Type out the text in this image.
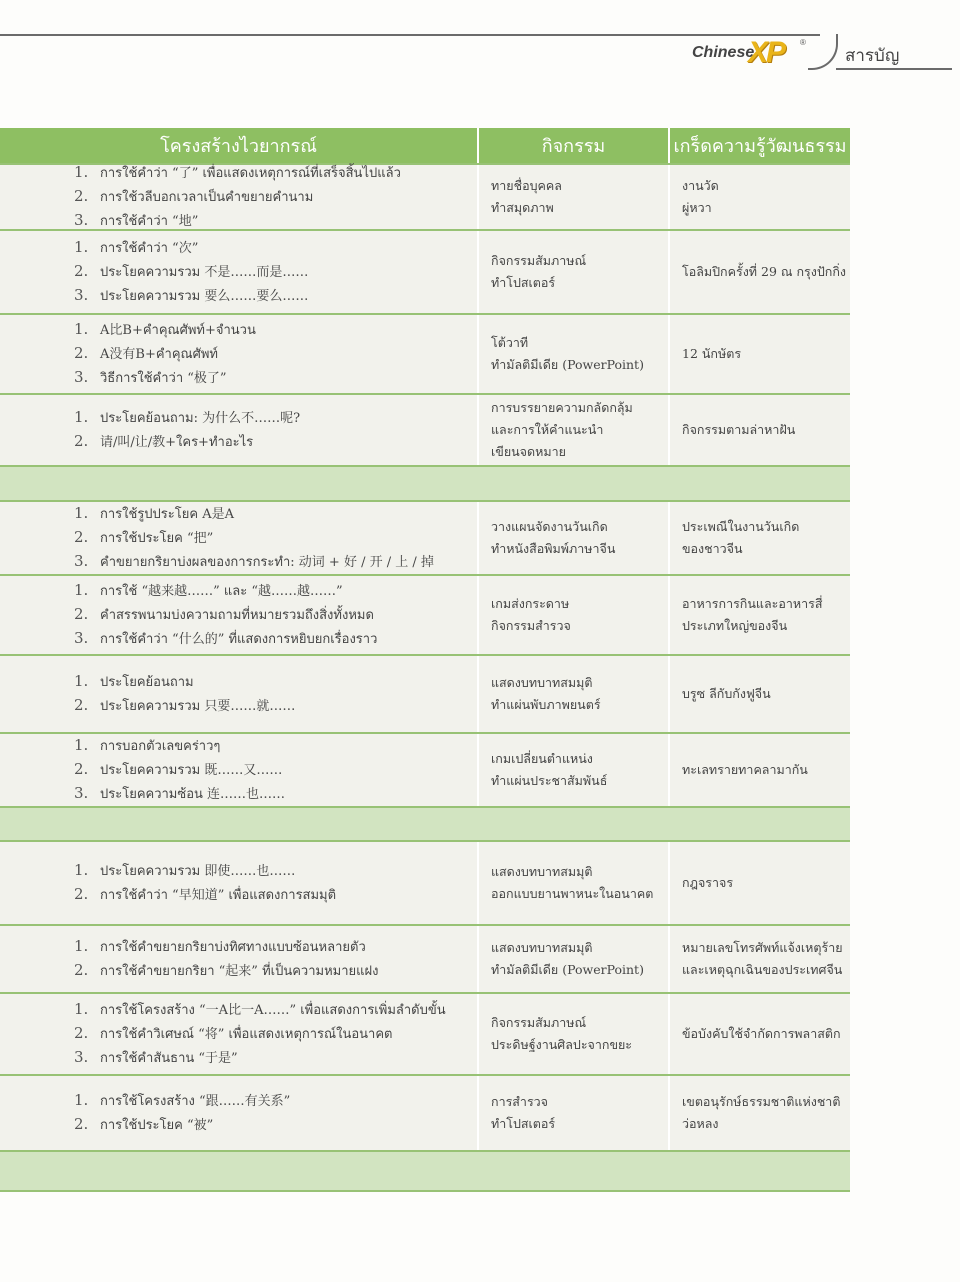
Chinese
XP ®
สารบัญ
โครงสร้างไวยากรณ์	กิจกรรม	เกร็ดความรู้วัฒนธรรม
1. การใช้คำว่า “了” เพื่อแสดงเหตุการณ์ที่เสร็จสิ้นไปแล้ว
2. การใช้วลีบอกเวลาเป็นคำขยายคำนาม
3. การใช้คำว่า “地”
ทายชื่อบุคคล
ทำสมุดภาพ
งานวัด
ผู่หวา
1. การใช้คำว่า “次”
2. ประโยคความรวม 不是……而是……
3. ประโยคความรวม 要么……要么……
กิจกรรมสัมภาษณ์
ทำโปสเตอร์
โอลิมปิกครั้งที่ 29 ณ กรุงปักกิ่ง
1. A比B+คำคุณศัพท์+จำนวน
2. A没有B+คำคุณศัพท์
3. วิธีการใช้คำว่า “极了”
โต้วาที
ทำมัลติมีเดีย (PowerPoint)
12 นักษัตร
1. ประโยคย้อนถาม: 为什么不……呢?
2. 请/叫/让/教+ใคร+ทำอะไร
การบรรยายความกลัดกลุ้ม
และการให้คำแนะนำ
เขียนจดหมาย
กิจกรรมตามล่าหาฝัน
1. การใช้รูปประโยค A是A
2. การใช้ประโยค “把”
3. คำขยายกริยาบ่งผลของการกระทำ: 动词 + 好 / 开 / 上 / 掉
วางแผนจัดงานวันเกิด
ทำหนังสือพิมพ์ภาษาจีน
ประเพณีในงานวันเกิด
ของชาวจีน
1. การใช้ “越来越……” และ “越……越……”
2. คำสรรพนามบ่งความถามที่หมายรวมถึงสิ่งทั้งหมด
3. การใช้คำว่า “什么的” ที่แสดงการหยิบยกเรื่องราว
เกมส่งกระดาษ
กิจกรรมสำรวจ
อาหารการกินและอาหารสี่
ประเภทใหญ่ของจีน
1. ประโยคย้อนถาม
2. ประโยคความรวม 只要……就……
แสดงบทบาทสมมุติ
ทำแผ่นพับภาพยนตร์
บรูซ ลีกับกังฟูจีน
1. การบอกตัวเลขคร่าวๆ
2. ประโยคความรวม 既……又……
3. ประโยคความซ้อน 连……也……
เกมเปลี่ยนตำแหน่ง
ทำแผ่นประชาสัมพันธ์
ทะเลทรายทาคลามากัน
1. ประโยคความรวม 即使……也……
2. การใช้คำว่า “早知道” เพื่อแสดงการสมมุติ
แสดงบทบาทสมมุติ
ออกแบบยานพาหนะในอนาคต
กฎจราจร
1. การใช้คำขยายกริยาบ่งทิศทางแบบซ้อนหลายตัว
2. การใช้คำขยายกริยา “起来” ที่เป็นความหมายแฝง
แสดงบทบาทสมมุติ
ทำมัลติมีเดีย (PowerPoint)
หมายเลขโทรศัพท์แจ้งเหตุร้าย
และเหตุฉุกเฉินของประเทศจีน
1. การใช้โครงสร้าง “一A比一A……” เพื่อแสดงการเพิ่มลำดับขั้น
2. การใช้คำวิเศษณ์ “将” เพื่อแสดงเหตุการณ์ในอนาคต
3. การใช้คำสันธาน “于是”
กิจกรรมสัมภาษณ์
ประดิษฐ์งานศิลปะจากขยะ
ข้อบังคับใช้จำกัดการพลาสติก
1. การใช้โครงสร้าง “跟……有关系”
2. การใช้ประโยค “被”
การสำรวจ
ทำโปสเตอร์
เขตอนุรักษ์ธรรมชาติแห่งชาติ
ว่อหลง
